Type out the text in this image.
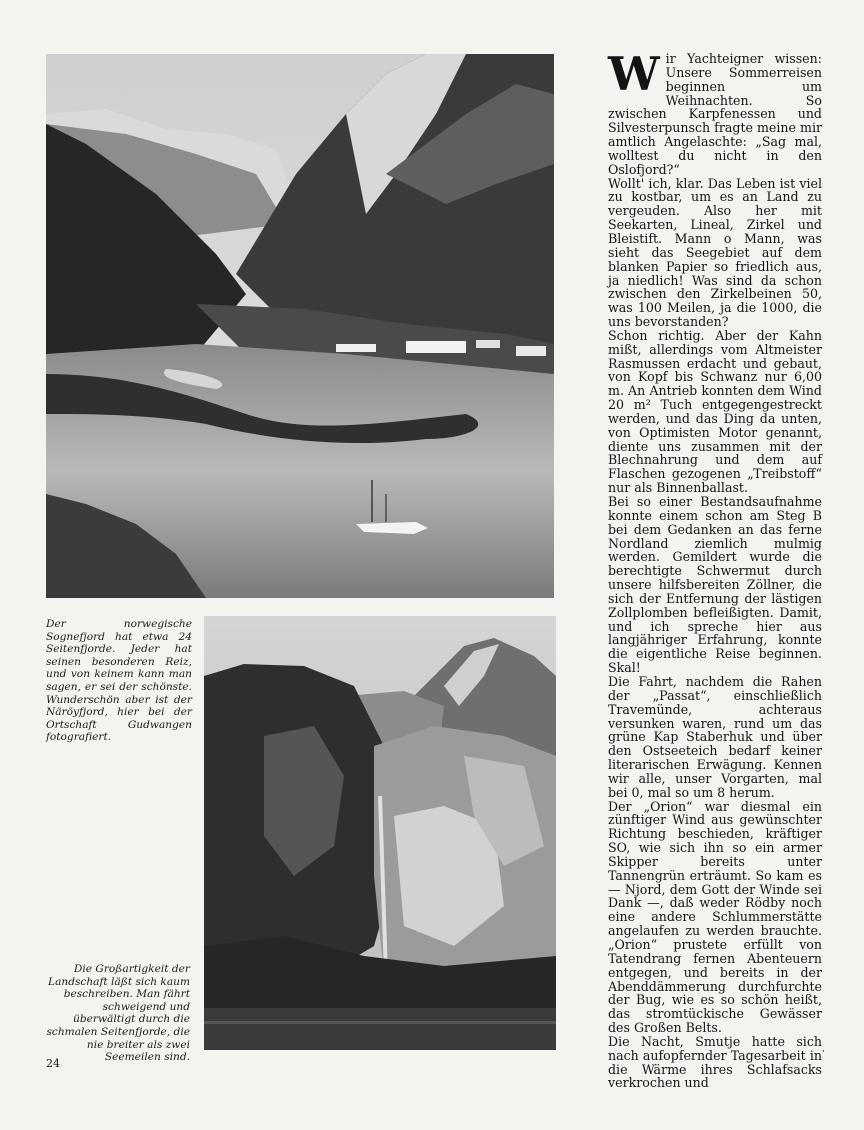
Der norwegische Sognefjord hat etwa 24 Seitenfjorde. Jeder hat seinen besonderen Reiz, und von keinem kann man sagen, er sei der schönste. Wunderschön aber ist der Näröyfjord, hier bei der Ortschaft Gudwangen fotografiert.

Die Großartigkeit der Landschaft läßt sich kaum beschreiben. Man fährt schweigend und überwältigt durch die schmalen Seitenfjorde, die nie breiter als zwei Seemeilen sind.

Wir Yachteigner wissen: Unsere Sommerreisen beginnen um Weihnachten. So zwischen Karpfenessen und Silvesterpunsch fragte meine mir amtlich Angelaschte: „Sag mal, wolltest du nicht in den Oslofjord?“

Wollt' ich, klar. Das Leben ist viel zu kostbar, um es an Land zu vergeuden. Also her mit Seekarten, Lineal, Zirkel und Bleistift. Mann o Mann, was sieht das Seegebiet auf dem blanken Papier so friedlich aus, ja niedlich! Was sind da schon zwischen den Zirkelbeinen 50, was 100 Meilen, ja die 1000, die uns bevorstanden?

Schon richtig. Aber der Kahn mißt, allerdings vom Altmeister Rasmussen erdacht und gebaut, von Kopf bis Schwanz nur 6,00 m. An Antrieb konnten dem Wind 20 m² Tuch entgegengestreckt werden, und das Ding da unten, von Optimisten Motor genannt, diente uns zusammen mit der Blechnahrung und dem auf Flaschen gezogenen „Treibstoff“ nur als Binnenballast.

Bei so einer Bestandsaufnahme konnte einem schon am Steg B bei dem Gedanken an das ferne Nordland ziemlich mulmig werden. Gemildert wurde die berechtigte Schwermut durch unsere hilfsbereiten Zöllner, die sich der Entfernung der lästigen Zollplomben befleißigten. Damit, und ich spreche hier aus langjähriger Erfahrung, konnte die eigentliche Reise beginnen. Skal!

Die Fahrt, nachdem die Rahen der „Passat“, einschließlich Travemünde, achteraus versunken waren, rund um das grüne Kap Staberhuk und über den Ostseeteich bedarf keiner literarischen Erwägung. Kennen wir alle, unser Vorgarten, mal bei 0, mal so um 8 herum.

Der „Orion“ war diesmal ein zünftiger Wind aus gewünschter Richtung beschieden, kräftiger SO, wie sich ihn so ein armer Skipper bereits unter Tannengrün erträumt. So kam es — Njord, dem Gott der Winde sei Dank —, daß weder Rödby noch eine andere Schlummerstätte angelaufen zu werden brauchte. „Orion“ prustete erfüllt von Tatendrang fernen Abenteuern entgegen, und bereits in der Abenddämmerung durchfurchte der Bug, wie es so schön heißt, das stromtückische Gewässer des Großen Belts.

Die Nacht, Smutje hatte sich nach aufopfernder Tagesarbeit in die Wärme ihres Schlafsacks verkrochen und

24
ˈ
